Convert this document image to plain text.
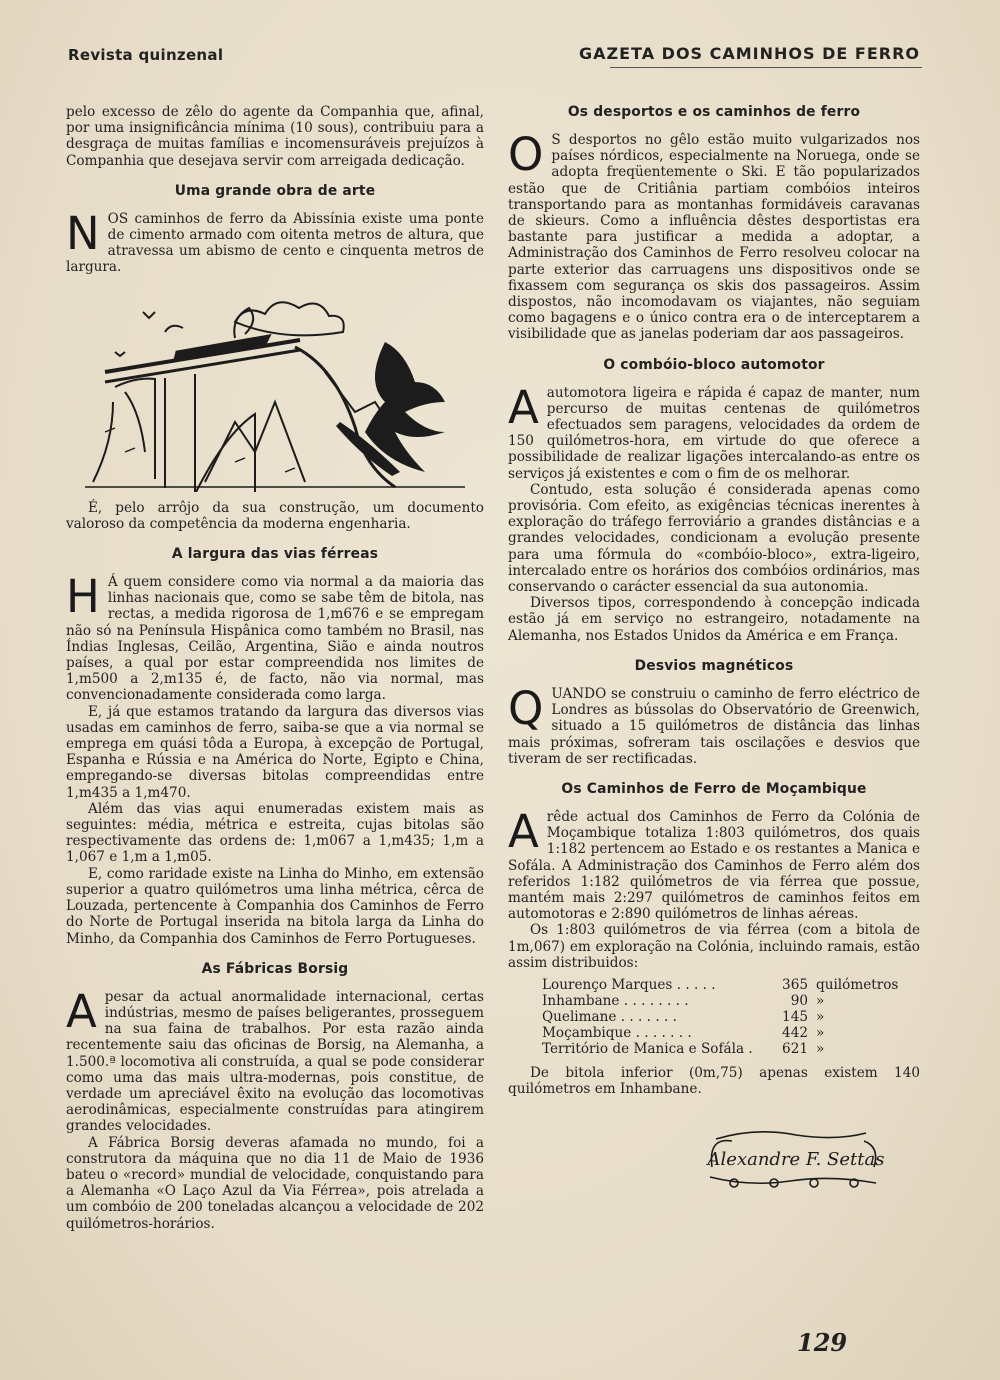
Revista quinzenal	GAZETA DOS CAMINHOS DE FERRO

pelo excesso de zêlo do agente da Companhia que, afinal, por uma insignificância mínima (10 sous), contribuiu para a desgraça de muitas famílias e incomensuráveis prejuízos à Companhia que desejava servir com arreigada dedicação.

Uma grande obra de arte
N OS caminhos de ferro da Abissínia existe uma ponte de cimento armado com oitenta metros de altura, que atravessa um abismo de cento e cinquenta metros de largura.

É, pelo arrôjo da sua construção, um documento valoroso da competência da moderna engenharia.

A largura das vias férreas
H Á quem considere como via normal a da maioria das linhas nacionais que, como se sabe têm de bitola, nas rectas, a medida rigorosa de 1,m676 e se empregam não só na Península Hispânica como também no Brasil, nas Índias Inglesas, Ceilão, Argentina, Sião e ainda noutros países, a qual por estar compreendida nos limites de 1,m500 a 2,m135 é, de facto, não via normal, mas convencionadamente considerada como larga.

E, já que estamos tratando da largura das diversos vias usadas em caminhos de ferro, saiba-se que a via normal se emprega em quási tôda a Europa, à excepção de Portugal, Espanha e Rússia e na América do Norte, Egipto e China, empregando-se diversas bitolas compreendidas entre 1,m435 a 1,m470.

Além das vias aqui enumeradas existem mais as seguintes: média, métrica e estreita, cujas bitolas são respectivamente das ordens de: 1,m067 a 1,m435; 1,m a 1,067 e 1,m a 1,m05.

E, como raridade existe na Linha do Minho, em extensão superior a quatro quilómetros uma linha métrica, cêrca de Louzada, pertencente à Companhia dos Caminhos de Ferro do Norte de Portugal inserida na bitola larga da Linha do Minho, da Companhia dos Caminhos de Ferro Portugueses.

As Fábricas Borsig
A pesar da actual anormalidade internacional, certas indústrias, mesmo de países beligerantes, prosseguem na sua faina de trabalhos. Por esta razão ainda recentemente saiu das oficinas de Borsig, na Alemanha, a 1.500.ª locomotiva ali construída, a qual se pode considerar como uma das mais ultra-modernas, pois constitue, de verdade um apreciável êxito na evolução das locomotivas aerodinâmicas, especialmente construídas para atingirem grandes velocidades.

A Fábrica Borsig deveras afamada no mundo, foi a construtora da máquina que no dia 11 de Maio de 1936 bateu o «record» mundial de velocidade, conquistando para a Alemanha «O Laço Azul da Via Férrea», pois atrelada a um combóio de 200 toneladas alcançou a velocidade de 202 quilómetros-horários.

Os desportos e os caminhos de ferro
O S desportos no gêlo estão muito vulgarizados nos países nórdicos, especialmente na Noruega, onde se adopta freqüentemente o Ski. E tão popularizados estão que de Critiânia partiam combóios inteiros transportando para as montanhas formidáveis caravanas de skieurs. Como a influência dêstes desportistas era bastante para justificar a medida a adoptar, a Administração dos Caminhos de Ferro resolveu colocar na parte exterior das carruagens uns dispositivos onde se fixassem com segurança os skis dos passageiros. Assim dispostos, não incomodavam os viajantes, não seguiam como bagagens e o único contra era o de interceptarem a visibilidade que as janelas poderiam dar aos passageiros.

O combóio-bloco automotor
A automotora ligeira e rápida é capaz de manter, num percurso de muitas centenas de quilómetros efectuados sem paragens, velocidades da ordem de 150 quilómetros-hora, em virtude do que oferece a possibilidade de realizar ligações intercalando-as entre os serviços já existentes e com o fim de os melhorar.

Contudo, esta solução é considerada apenas como provisória. Com efeito, as exigências técnicas inerentes à exploração do tráfego ferroviário a grandes distâncias e a grandes velocidades, condicionam a evolução presente para uma fórmula do «combóio-bloco», extra-ligeiro, intercalado entre os horários dos combóios ordinários, mas conservando o carácter essencial da sua autonomia.

Diversos tipos, correspondendo à concepção indicada estão já em serviço no estrangeiro, notadamente na Alemanha, nos Estados Unidos da América e em França.

Desvios magnéticos
Q UANDO se construiu o caminho de ferro eléctrico de Londres as bússolas do Observatório de Greenwich, situado a 15 quilómetros de distância das linhas mais próximas, sofreram tais oscilações e desvios que tiveram de ser rectificadas.

Os Caminhos de Ferro de Moçambique
A rêde actual dos Caminhos de Ferro da Colónia de Moçambique totaliza 1:803 quilómetros, dos quais 1:182 pertencem ao Estado e os restantes a Manica e Sofála. A Administração dos Caminhos de Ferro além dos referidos 1:182 quilómetros de via férrea que possue, mantém mais 2:297 quilómetros de caminhos feitos em automotoras e 2:890 quilómetros de linhas aéreas.

Os 1:803 quilómetros de via férrea (com a bitola de 1m,067) em exploração na Colónia, incluindo ramais, estão assim distribuidos:

Lourenço Marques . . . . .	365	quilómetros
Inhambane . . . . . . . .	90	»
Quelimane . . . . . . .	145	»
Moçambique . . . . . . .	442	»
Território de Manica e Sofála .	621	»

De bitola inferior (0m,75) apenas existem 140 quilómetros em Inhambane.

Alexandre F. Settas
129
